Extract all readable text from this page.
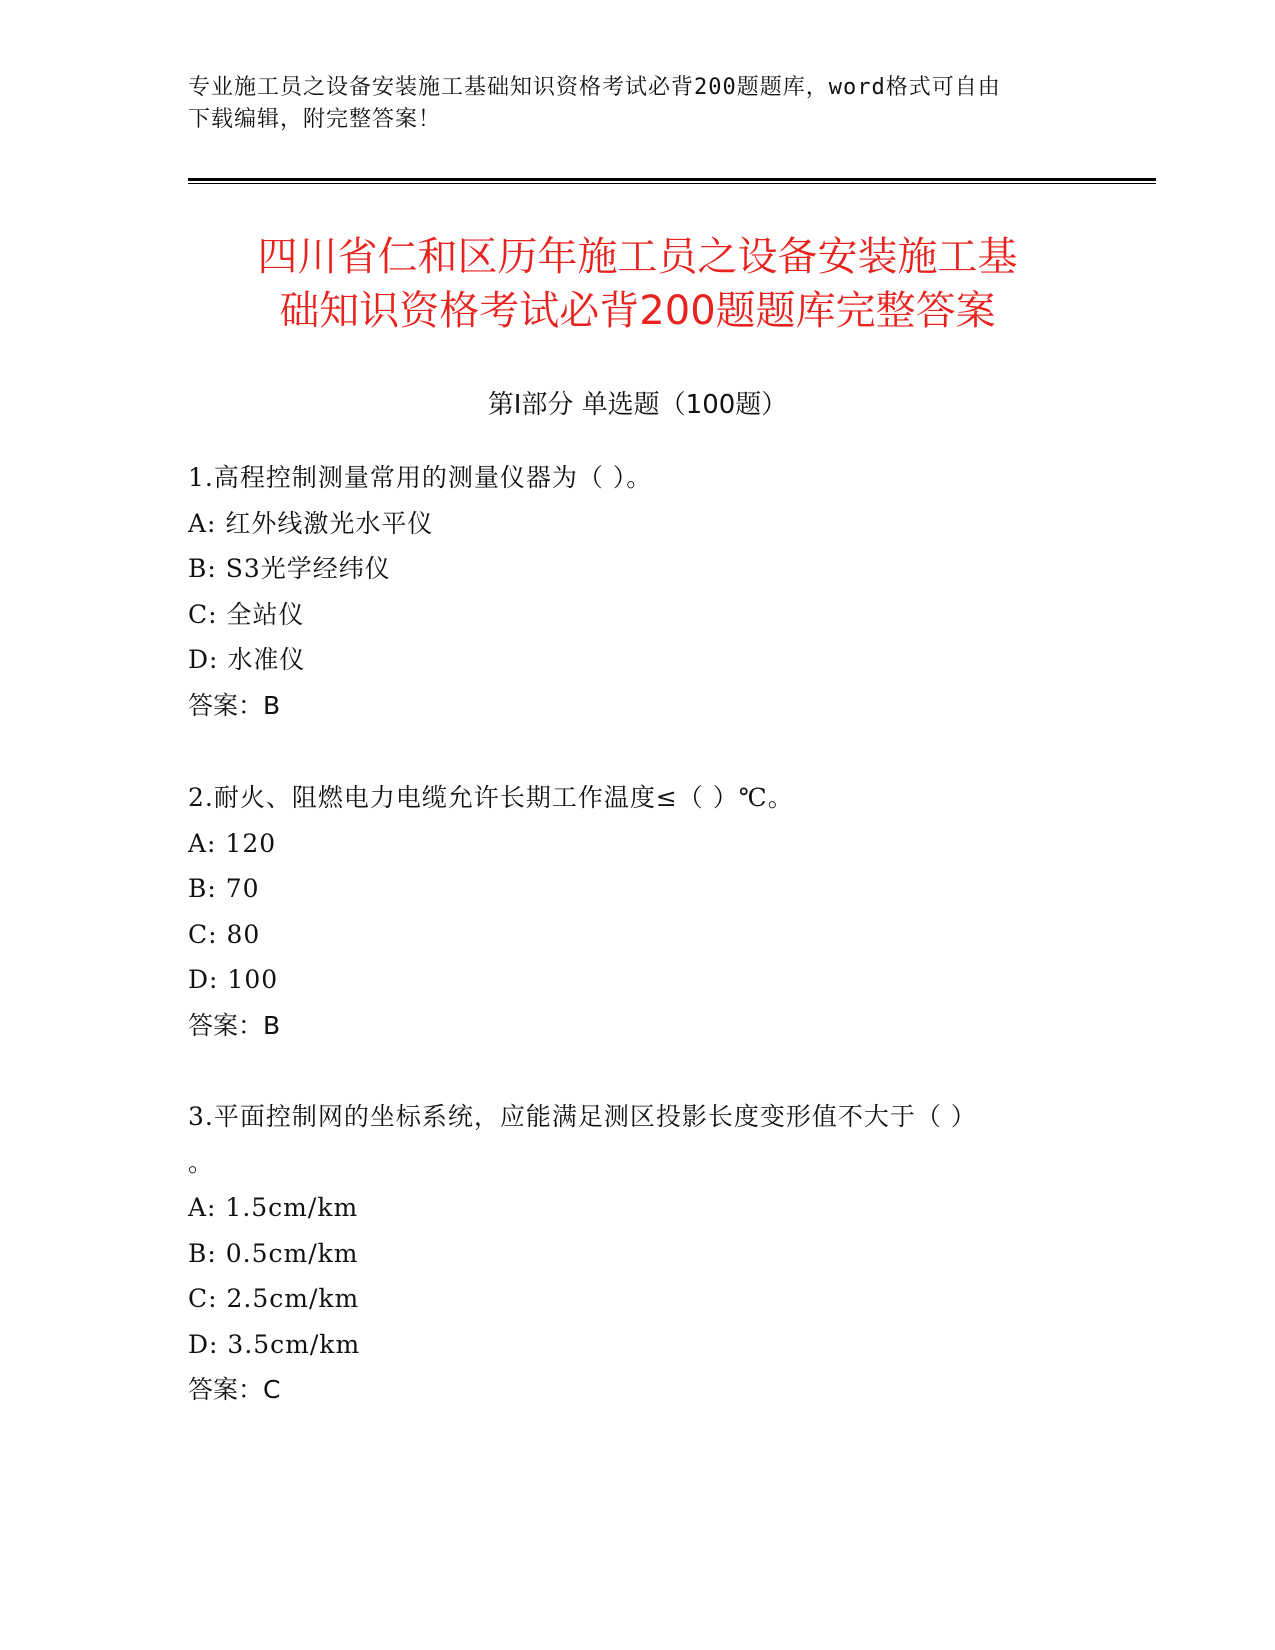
专业施工员之设备安装施工基础知识资格考试必背200题题库，word格式可自由
下载编辑，附完整答案！
四川省仁和区历年施工员之设备安装施工基
础知识资格考试必背200题题库完整答案
第Ⅰ部分 单选题（100题）

1.高程控制测量常用的测量仪器为（ ）。

A: 红外线激光水平仪
B: S3光学经纬仪
C: 全站仪
D: 水准仪
答案：B

2.耐火、阻燃电力电缆允许长期工作温度≤（ ）℃。

A: 120
B: 70
C: 80
D: 100
答案：B

3.平面控制网的坐标系统，应能满足测区投影长度变形值不大于（ ）

。

A: 1.5cm/km
B: 0.5cm/km
C: 2.5cm/km
D: 3.5cm/km
答案：C
